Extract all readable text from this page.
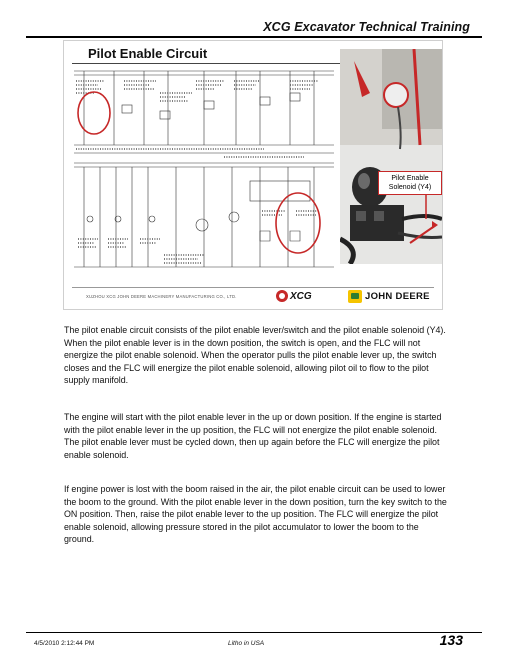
XCG Excavator Technical Training
Pilot Enable Circuit
Pilot Enable
Solenoid (Y4)
XUZHOU XCG JOHN DEERE MACHINERY MANUFACTURING CO., LTD.	XCG	JOHN DEERE

The pilot enable circuit consists of the pilot enable lever/switch and the pilot enable solenoid (Y4). When the pilot enable lever is in the down position, the switch is open, and the FLC will not energize the pilot enable solenoid. When the operator pulls the pilot enable lever up, the switch closes and the FLC will energize the pilot enable solenoid, allowing pilot oil to flow to the pilot supply manifold.

The engine will start with the pilot enable lever in the up or down position. If the engine is started with the pilot enable lever in the up position, the FLC will not energize the pilot enable solenoid. The pilot enable lever must be cycled down, then up again before the FLC will energize the pilot enable solenoid.

If engine power is lost with the boom raised in the air, the pilot enable circuit can be used to lower the boom to the ground. With the pilot enable lever in the down position, turn the key switch to the ON position. Then, raise the pilot enable lever to the up position. The FLC will energize the pilot enable solenoid, allowing pressure stored in the pilot accumulator to lower the boom to the ground.

4/5/2010 2:12:44 PM	Litho in USA	133
